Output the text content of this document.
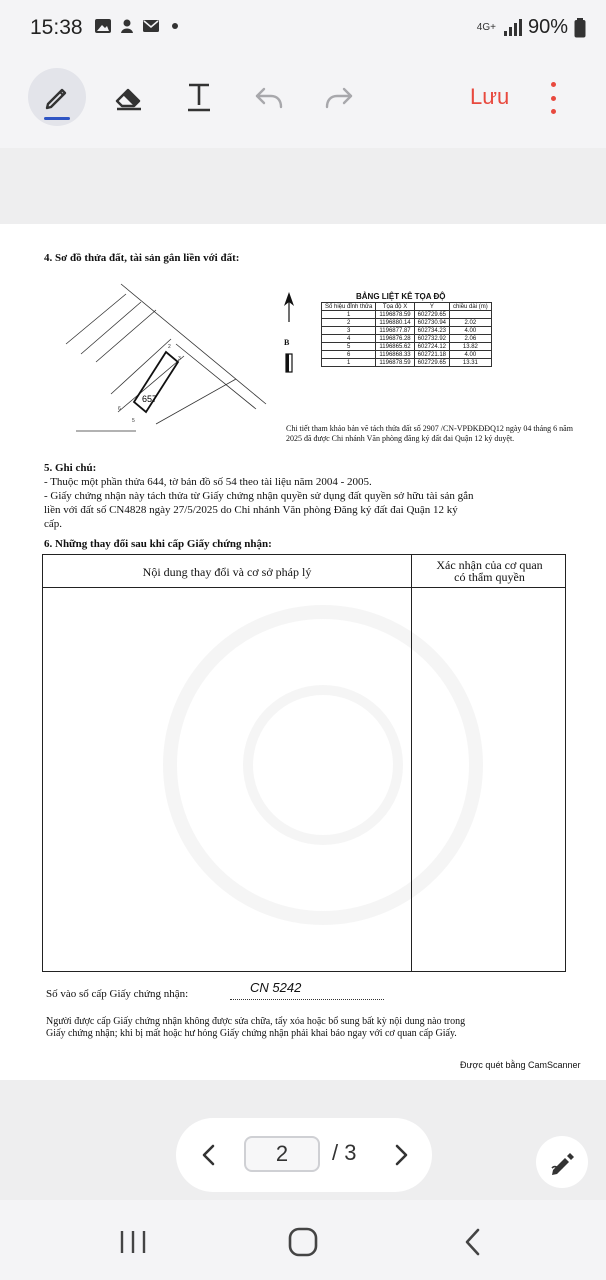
15:38	4G+ 90%
Lưu
4. Sơ đồ thửa đất, tài sản gắn liền với đất:
657
6
5
2
3
B
BẢNG LIỆT KÊ TỌA ĐỘ
Số hiệu đỉnh thửa	Tọa độ X	Y	chiều dài (m)
1	1196878.59	602729.65	
2	1196880.14	602730.94	2.02
3	1196877.87	602734.23	4.00
4	1196876.28	602732.92	2.06
5	1196865.62	602724.12	13.82
6	1196868.33	602721.18	4.00
1	1196878.59	602729.65	13.31
Chi tiết tham khảo bản vẽ tách thửa đất số 2907 /CN-VPĐKĐĐQ12 ngày 04 tháng 6 năm 2025 đã được Chi nhánh Văn phòng đăng ký đất đai Quận 12 ký duyệt.
5. Ghi chú:
- Thuộc một phần thửa 644, tờ bản đồ số 54 theo tài liệu năm 2004 - 2005.
- Giấy chứng nhận này tách thửa từ Giấy chứng nhận quyền sử dụng đất quyền sở hữu tài sản gắn
liền với đất số CN4828 ngày 27/5/2025 do Chi nhánh Văn phòng Đăng ký đất đai Quận 12 ký
cấp.
6. Những thay đổi sau khi cấp Giấy chứng nhận:
Nội dung thay đổi và cơ sở pháp lý	Xác nhận của cơ quan
có thẩm quyền
Số vào sổ cấp Giấy chứng nhận:	CN 5242
Người được cấp Giấy chứng nhận không được sửa chữa, tẩy xóa hoặc bổ sung bất kỳ nội dung nào trong
Giấy chứng nhận; khi bị mất hoặc hư hỏng Giấy chứng nhận phải khai báo ngay với cơ quan cấp Giấy.
Được quét bằng CamScanner
2	/ 3
